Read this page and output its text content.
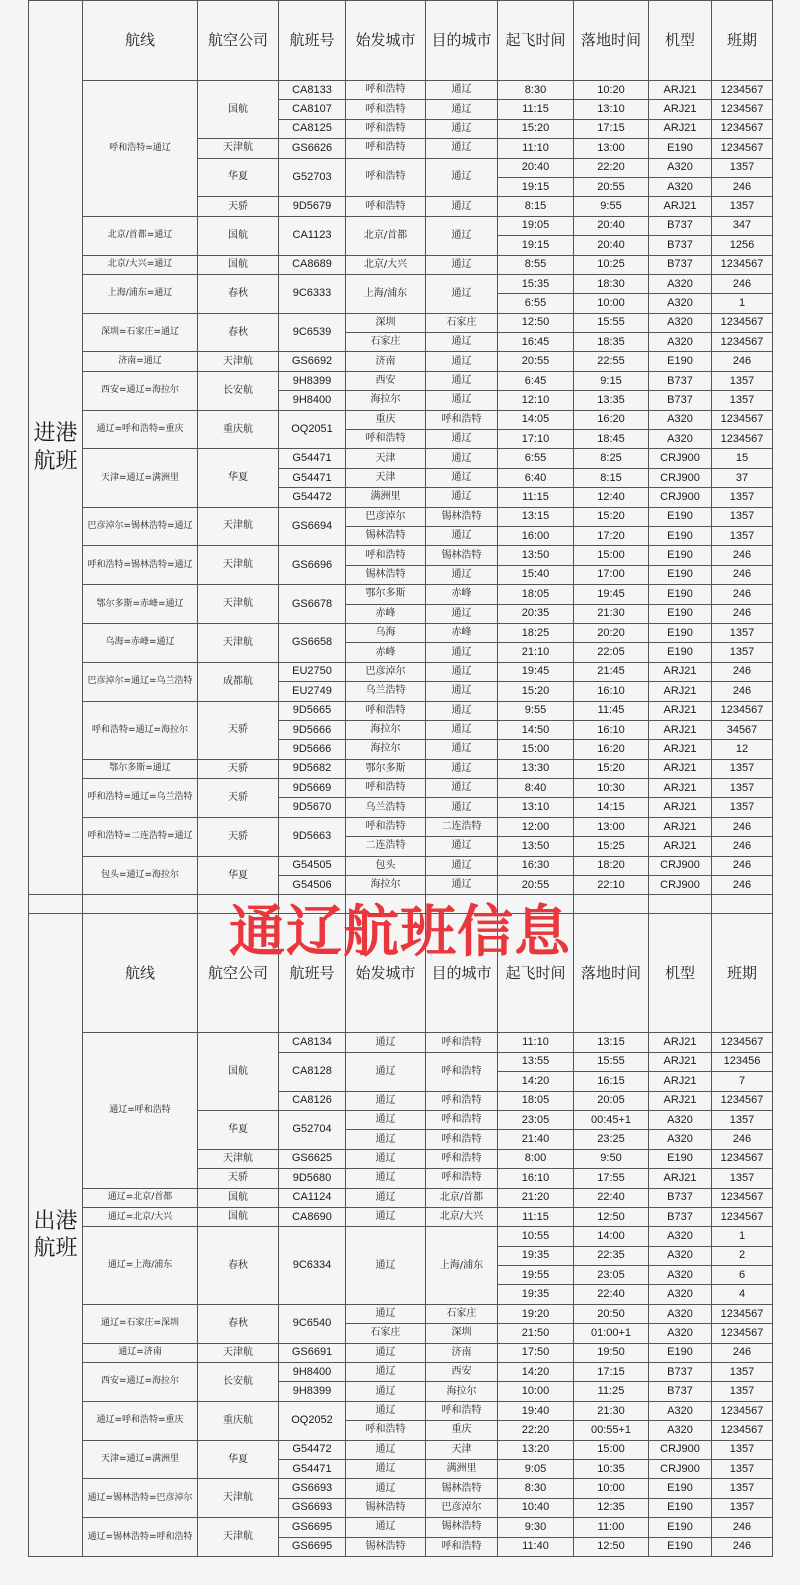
进港航班	航线	航空公司	航班号	始发城市	目的城市	起飞时间	落地时间	机型	班期
	呼和浩特=通辽	国航	CA8133	呼和浩特	通辽	8:30	10:20	ARJ21	1234567
			CA8107	呼和浩特	通辽	11:15	13:10	ARJ21	1234567
			CA8125	呼和浩特	通辽	15:20	17:15	ARJ21	1234567
		天津航	GS6626	呼和浩特	通辽	11:10	13:00	E190	1234567
		华夏	G52703	呼和浩特	通辽	20:40	22:20	A320	1357
						19:15	20:55	A320	246
		天骄	9D5679	呼和浩特	通辽	8:15	9:55	ARJ21	1357
	北京/首都=通辽	国航	CA1123	北京/首都	通辽	19:05	20:40	B737	347
						19:15	20:40	B737	1256
	北京/大兴=通辽	国航	CA8689	北京/大兴	通辽	8:55	10:25	B737	1234567
	上海/浦东=通辽	春秋	9C6333	上海/浦东	通辽	15:35	18:30	A320	246
						6:55	10:00	A320	1
	深圳=石家庄=通辽	春秋	9C6539	深圳	石家庄	12:50	15:55	A320	1234567
				石家庄	通辽	16:45	18:35	A320	1234567
	济南=通辽	天津航	GS6692	济南	通辽	20:55	22:55	E190	246
	西安=通辽=海拉尔	长安航	9H8399	西安	通辽	6:45	9:15	B737	1357
			9H8400	海拉尔	通辽	12:10	13:35	B737	1357
	通辽=呼和浩特=重庆	重庆航	OQ2051	重庆	呼和浩特	14:05	16:20	A320	1234567
				呼和浩特	通辽	17:10	18:45	A320	1234567
	天津=通辽=满洲里	华夏	G54471	天津	通辽	6:55	8:25	CRJ900	15
			G54471	天津	通辽	6:40	8:15	CRJ900	37
			G54472	满洲里	通辽	11:15	12:40	CRJ900	1357
	巴彦淖尔=锡林浩特=通辽	天津航	GS6694	巴彦淖尔	锡林浩特	13:15	15:20	E190	1357
				锡林浩特	通辽	16:00	17:20	E190	1357
	呼和浩特=锡林浩特=通辽	天津航	GS6696	呼和浩特	锡林浩特	13:50	15:00	E190	246
				锡林浩特	通辽	15:40	17:00	E190	246
	鄂尔多斯=赤峰=通辽	天津航	GS6678	鄂尔多斯	赤峰	18:05	19:45	E190	246
				赤峰	通辽	20:35	21:30	E190	246
	乌海=赤峰=通辽	天津航	GS6658	乌海	赤峰	18:25	20:20	E190	1357
				赤峰	通辽	21:10	22:05	E190	1357
	巴彦淖尔=通辽=乌兰浩特	成都航	EU2750	巴彦淖尔	通辽	19:45	21:45	ARJ21	246
			EU2749	乌兰浩特	通辽	15:20	16:10	ARJ21	246
	呼和浩特=通辽=海拉尔	天骄	9D5665	呼和浩特	通辽	9:55	11:45	ARJ21	1234567
			9D5666	海拉尔	通辽	14:50	16:10	ARJ21	34567
			9D5666	海拉尔	通辽	15:00	16:20	ARJ21	12
	鄂尔多斯=通辽	天骄	9D5682	鄂尔多斯	通辽	13:30	15:20	ARJ21	1357
	呼和浩特=通辽=乌兰浩特	天骄	9D5669	呼和浩特	通辽	8:40	10:30	ARJ21	1357
			9D5670	乌兰浩特	通辽	13:10	14:15	ARJ21	1357
	呼和浩特=二连浩特=通辽	天骄	9D5663	呼和浩特	二连浩特	12:00	13:00	ARJ21	246
				二连浩特	通辽	13:50	15:25	ARJ21	246
	包头=通辽=海拉尔	华夏	G54505	包头	通辽	16:30	18:20	CRJ900	246
			G54506	海拉尔	通辽	20:55	22:10	CRJ900	246

出港航班	航线	航空公司	航班号	始发城市	目的城市	起飞时间	落地时间	机型	班期
	通辽=呼和浩特	国航	CA8134	通辽	呼和浩特	11:10	13:15	ARJ21	1234567
			CA8128	通辽	呼和浩特	13:55	15:55	ARJ21	123456
						14:20	16:15	ARJ21	7
			CA8126	通辽	呼和浩特	18:05	20:05	ARJ21	1234567
		华夏	G52704	通辽	呼和浩特	23:05	00:45+1	A320	1357
				通辽	呼和浩特	21:40	23:25	A320	246
		天津航	GS6625	通辽	呼和浩特	8:00	9:50	E190	1234567
		天骄	9D5680	通辽	呼和浩特	16:10	17:55	ARJ21	1357
	通辽=北京/首都	国航	CA1124	通辽	北京/首都	21:20	22:40	B737	1234567
	通辽=北京/大兴	国航	CA8690	通辽	北京/大兴	11:15	12:50	B737	1234567
	通辽=上海/浦东	春秋	9C6334	通辽	上海/浦东	10:55	14:00	A320	1
						19:35	22:35	A320	2
						19:55	23:05	A320	6
						19:35	22:40	A320	4
	通辽=石家庄=深圳	春秋	9C6540	通辽	石家庄	19:20	20:50	A320	1234567
				石家庄	深圳	21:50	01:00+1	A320	1234567
	通辽=济南	天津航	GS6691	通辽	济南	17:50	19:50	E190	246
	西安=通辽=海拉尔	长安航	9H8400	通辽	西安	14:20	17:15	B737	1357
			9H8399	通辽	海拉尔	10:00	11:25	B737	1357
	通辽=呼和浩特=重庆	重庆航	OQ2052	通辽	呼和浩特	19:40	21:30	A320	1234567
				呼和浩特	重庆	22:20	00:55+1	A320	1234567
	天津=通辽=满洲里	华夏	G54472	通辽	天津	13:20	15:00	CRJ900	1357
			G54471	通辽	满洲里	9:05	10:35	CRJ900	1357
	通辽=锡林浩特=巴彦淖尔	天津航	GS6693	通辽	锡林浩特	8:30	10:00	E190	1357
			GS6693	锡林浩特	巴彦淖尔	10:40	12:35	E190	1357
	通辽=锡林浩特=呼和浩特	天津航	GS6695	通辽	锡林浩特	9:30	11:00	E190	246
			GS6695	锡林浩特	呼和浩特	11:40	12:50	E190	246
通辽航班信息
